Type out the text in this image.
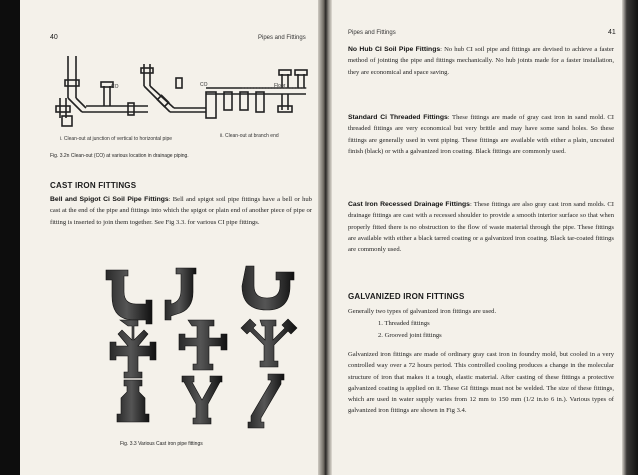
40	Pipes and Fittings
CO	CO	Floor
i. Clean-out at junction of vertical to horizontal pipe	ii. Clean-out at branch end
Fig. 3.2n Clean-out (CO) at various location in drainage piping.
CAST IRON FITTINGS
Bell and Spigot Ci Soil Pipe Fittings: Bell and spigot soil pipe fittings have a bell or hub cast at the end of the pipe and fittings into which the spigot or plain end of another piece of pipe or fitting is inserted to join them together. See Fig 3.3. for various CI pipe fittings.
Fig. 3.3 Various Cast iron pipe fittings
Pipes and Fittings	41
No Hub CI Soil Pipe Fittings: No hub CI soil pipe and fittings are devised to achieve a faster method of jointing the pipe and fittings mechanically. No hub joints made for a faster installation, they are economical and space saving.
Standard Ci Threaded Fittings: These fittings are made of gray cast iron in sand mold. CI threaded fittings are very economical but very brittle and may have some sand holes. So these fittings are generally used in vent piping. These fittings are available with either a plain, uncoated finish (black) or with a galvanized iron coating. Black fittings are commonly used.
Cast Iron Recessed Drainage Fittings: These fittings are also gray cast iron sand molds. CI drainage fittings are cast with a recessed shoulder to provide a smooth interior surface so that when properly fitted there is no obstruction to the flow of waste material through the pipe. These fittings are available with either a black tarred coating or a galvanized iron coating. Black tar-coated fittings are commonly used.
GALVANIZED IRON FITTINGS
Generally two types of galvanized iron fittings are used.
1. Threaded fittings
2. Grooved joint fittings
Galvanized iron fittings are made of ordinary gray cast iron in foundry mold, but cooled in a very controlled way over a 72 hours period. This controlled cooling produces a change in the molecular structure of iron that makes it a tough, elastic material. After casting of these fittings a protective galvanized coating is applied on it. These GI fittings must not be welded. The size of these fittings, which are used in water supply varies from 12 mm to 150 mm (1/2 in.to 6 in.). Various types of galvanized iron fittings are shown in Fig 3.4.
